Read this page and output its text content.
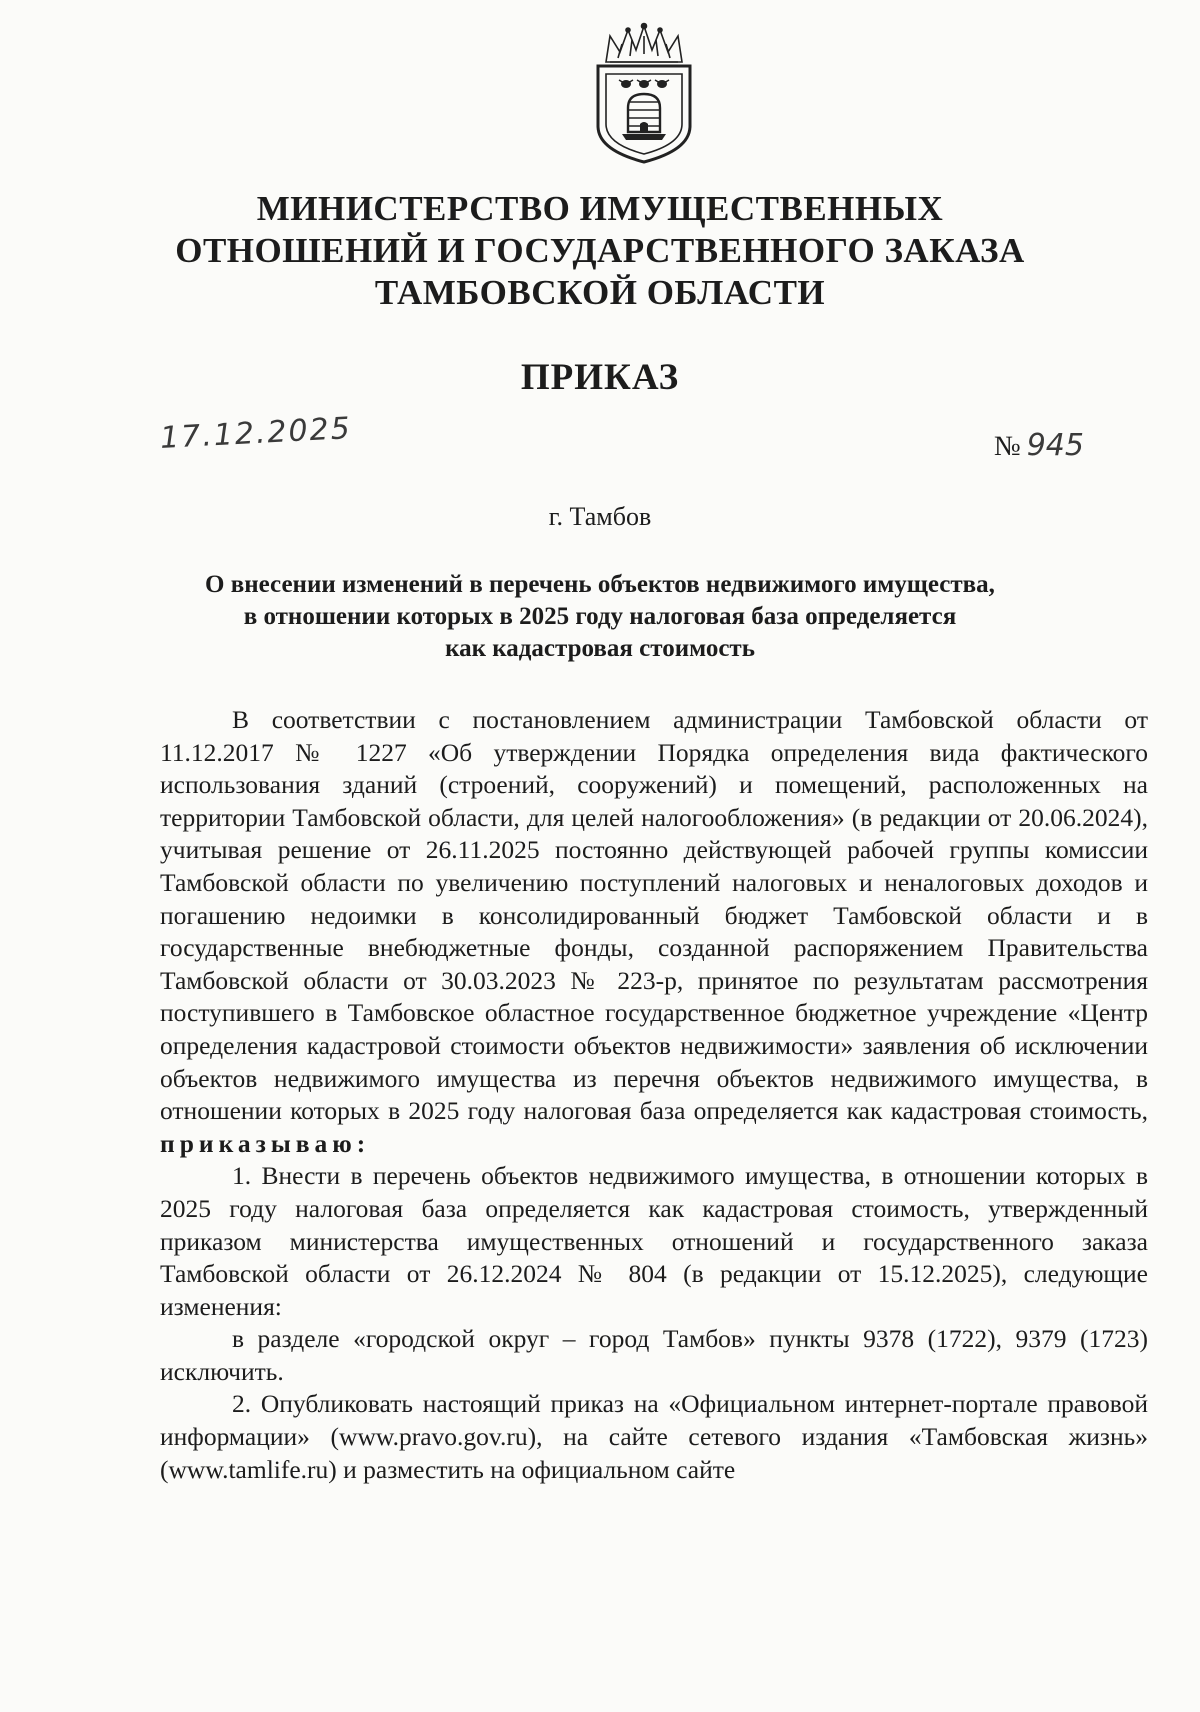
МИНИСТЕРСТВО ИМУЩЕСТВЕННЫХ
ОТНОШЕНИЙ И ГОСУДАРСТВЕННОГО ЗАКАЗА
ТАМБОВСКОЙ ОБЛАСТИ
ПРИКАЗ
17.12.2025	№ 945
г. Тамбов
О внесении изменений в перечень объектов недвижимого имущества,
в отношении которых в 2025 году налоговая база определяется
как кадастровая стоимость

В соответствии с постановлением администрации Тамбовской области от 11.12.2017 № 1227 «Об утверждении Порядка определения вида фактического использования зданий (строений, сооружений) и помещений, расположенных на территории Тамбовской области, для целей налогообложения» (в редакции от 20.06.2024), учитывая решение от 26.11.2025 постоянно действующей рабочей группы комиссии Тамбовской области по увеличению поступлений налоговых и неналоговых доходов и погашению недоимки в консолидированный бюджет Тамбовской области и в государственные внебюджетные фонды, созданной распоряжением Правительства Тамбовской области от 30.03.2023 № 223-р, принятое по результатам рассмотрения поступившего в Тамбовское областное государственное бюджетное учреждение «Центр определения кадастровой стоимости объектов недвижимости» заявления об исключении объектов недвижимого имущества из перечня объектов недвижимого имущества, в отношении которых в 2025 году налоговая база определяется как кадастровая стоимость, приказываю:

1. Внести в перечень объектов недвижимого имущества, в отношении которых в 2025 году налоговая база определяется как кадастровая стоимость, утвержденный приказом министерства имущественных отношений и государственного заказа Тамбовской области от 26.12.2024 № 804 (в редакции от 15.12.2025), следующие изменения:

в разделе «городской округ – город Тамбов» пункты 9378 (1722), 9379 (1723) исключить.

2. Опубликовать настоящий приказ на «Официальном интернет-портале правовой информации» (www.pravo.gov.ru), на сайте сетевого издания «Тамбовская жизнь» (www.tamlife.ru) и разместить на официальном сайте
